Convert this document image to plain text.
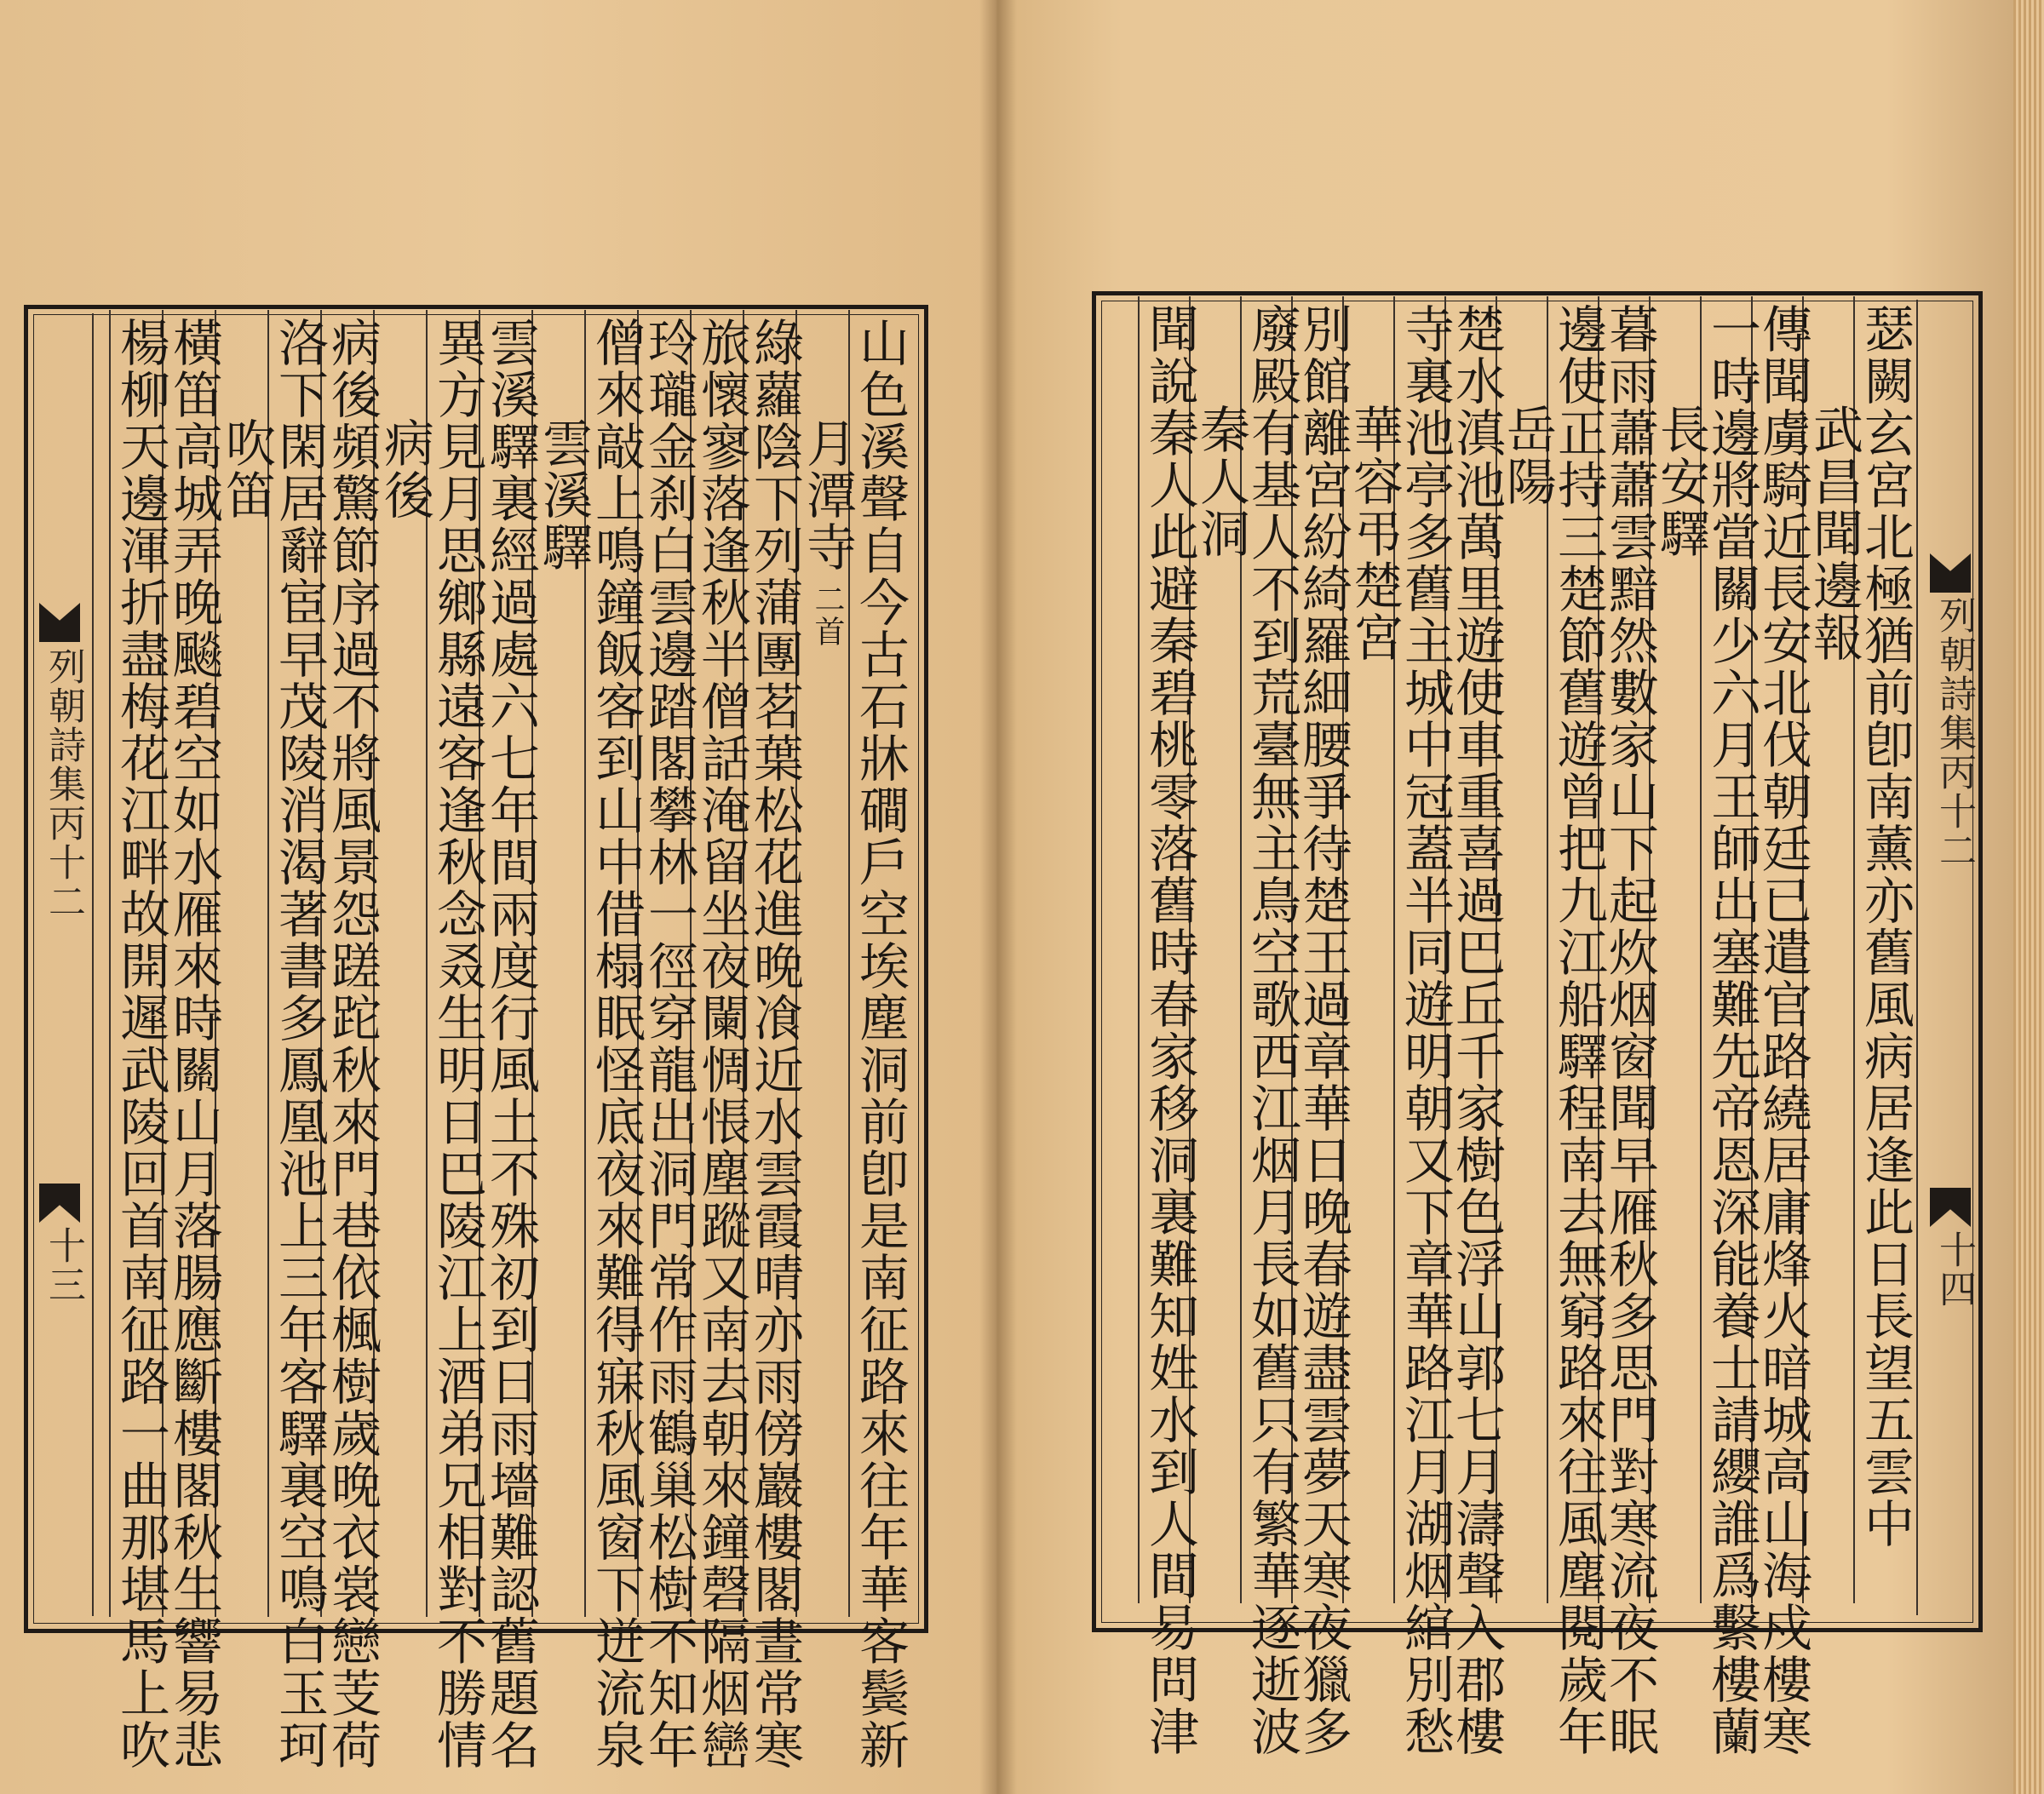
列朝詩集丙十二
十三	山色溪聲自今古石牀磵戶空埃塵洞前卽是南征路來往年華客鬓新
月潭寺二首
綠蘿陰下列蒲團茗葉松花進晚飡近水雲霞晴亦雨傍巖樓閣晝常寒
旅懷寥落逢秋半僧話淹留坐夜闌惆悵塵蹤又南去朝來鐘磬隔烟巒
玲瓏金刹白雲邊踏閣攀林一徑穿龍出洞門常作雨鶴巢松樹不知年
僧來敲上鳴鐘飯客到山中借榻眠怪底夜來難得寐秋風窗下迸流泉
雲溪驛
雲溪驛裏經過處六七年間兩度行風土不殊初到日雨墻難認舊題名
異方見月思鄉縣遠客逢秋念叒生明日巴陵江上酒弟兄相對不勝情
病後
病後頻驚節序過不將風景怨蹉跎秋來門巷依楓樹歲晚衣裳戀芰荷
洛下閑居辭宦早茂陵消渴著書多鳳凰池上三年客驛裏空鳴白玉珂
吹笛
橫笛高城弄晚飈碧空如水雁來時關山月落腸應斷樓閣秋生響易悲
楊柳天邊渾折盡梅花江畔故開遲武陵回首南征路一曲那堪馬上吹	列朝詩集丙十二
十四
瑟闕玄宮北極猶前卽南薰亦舊風病居逢此日長望五雲中
武昌聞邊報
傳聞虜騎近長安北伐朝廷已遣官路繞居庸烽火暗城高山海戍樓寒
一時邊將當關少六月王師出塞難先帝恩深能養士請纓誰爲繫樓蘭
長安驛
暮雨蕭蕭雲黯然數家山下起炊烟窗聞早雁秋多思門對寒流夜不眠
邊使正持三楚節舊遊曾把九江船驛程南去無窮路來往風塵閱歲年
岳陽
楚水滇池萬里遊使車重喜過巴丘千家樹色浮山郭七月濤聲入郡樓
寺裏池亭多舊主城中冠蓋半同遊明朝又下章華路江月湖烟綰別愁
華容弔楚宮
別館離宮紛綺羅細腰爭待楚王過章華日晚春遊盡雲夢天寒夜獵多
廢殿有基人不到荒臺無主鳥空歌西江烟月長如舊只有繁華逐逝波
秦人洞
聞說秦人此避秦碧桃零落舊時春家移洞裏難知姓水到人間易問津
